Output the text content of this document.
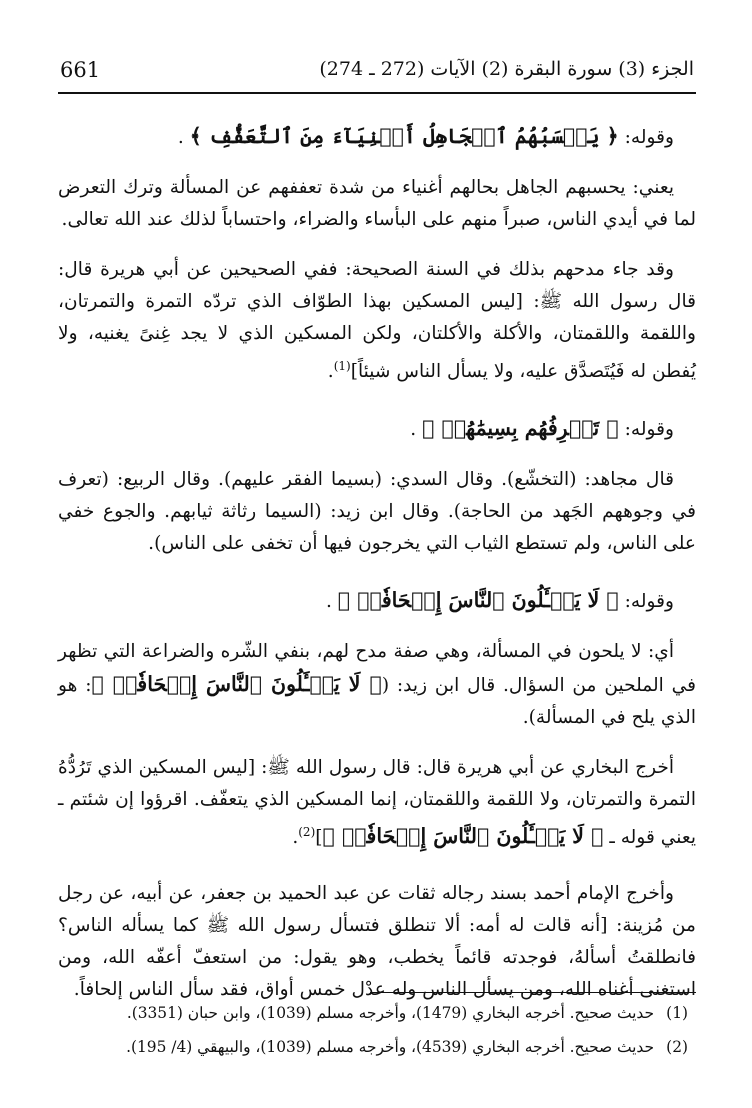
661	الجزء (3) سورة البقرة (2) الآيات (272 ـ 274)

وقوله: ﴿ يَحۡسَبُهُمُ ٱلۡجَاهِلُ أَغۡنِيَآءَ مِنَ ٱلتَّعَفُّفِ ﴾ .

يعني: يحسبهم الجاهل بحالهم أغنياء من شدة تعففهم عن المسألة وترك التعرض لما في أيدي الناس، صبراً منهم على البأساء والضراء، واحتساباً لذلك عند الله تعالى.

وقد جاء مدحهم بذلك في السنة الصحيحة: ففي الصحيحين عن أبي هريرة قال: قال رسول الله ﷺ: [ليس المسكين بهذا الطوّاف الذي تردّه التمرة والتمرتان، واللقمة واللقمتان، والأكلة والأكلتان، ولكن المسكين الذي لا يجد غِنىً يغنيه، ولا يُفطن له فَيُتَصدَّق عليه، ولا يسأل الناس شيئاً]$^{(1)}$.

وقوله: ﴿ تَعۡرِفُهُم بِسِيمَٰهُمۡ ﴾ .

قال مجاهد: (التخشّع). وقال السدي: (بسيما الفقر عليهم). وقال الربيع: (تعرف في وجوههم الجَهد من الحاجة). وقال ابن زيد: (السيما رثاثة ثيابهم. والجوع خفي على الناس، ولم تستطع الثياب التي يخرجون فيها أن تخفى على الناس).

وقوله: ﴿ لَا يَسۡـَٔلُونَ ٱلنَّاسَ إِلۡحَافٗاۗ ﴾ .

أي: لا يلحون في المسألة، وهي صفة مدح لهم، بنفي الشّره والضراعة التي تظهر في الملحين من السؤال. قال ابن زيد: (﴿ لَا يَسۡـَٔلُونَ ٱلنَّاسَ إِلۡحَافٗاۗ ﴾: هو الذي يلح في المسألة).

أخرج البخاري عن أبي هريرة قال: قال رسول الله ﷺ: [ليس المسكين الذي تَرُدُّهُ التمرة والتمرتان، ولا اللقمة واللقمتان، إنما المسكين الذي يتعفّف. اقرؤوا إن شئتم ـ يعني قوله ـ ﴿ لَا يَسۡـَٔلُونَ ٱلنَّاسَ إِلۡحَافٗاۗ ﴾]$^{(2)}$.

وأخرج الإمام أحمد بسند رجاله ثقات عن عبد الحميد بن جعفر، عن أبيه، عن رجل من مُزينة: [أنه قالت له أمه: ألا تنطلق فتسأل رسول الله ﷺ كما يسأله الناس؟ فانطلقتُ أسألهُ، فوجدته قائماً يخطب، وهو يقول: من استعفّ أعفّه الله، ومن استغنى أغناه الله، ومن يسأل الناس وله عدْل خمس أواق، فقد سأل الناس إلحافاً.

(1)حديث صحيح. أخرجه البخاري (1479)، وأخرجه مسلم (1039)، وابن حبان (3351).
(2)حديث صحيح. أخرجه البخاري (4539)، وأخرجه مسلم (1039)، والبيهقي (4/ 195).
